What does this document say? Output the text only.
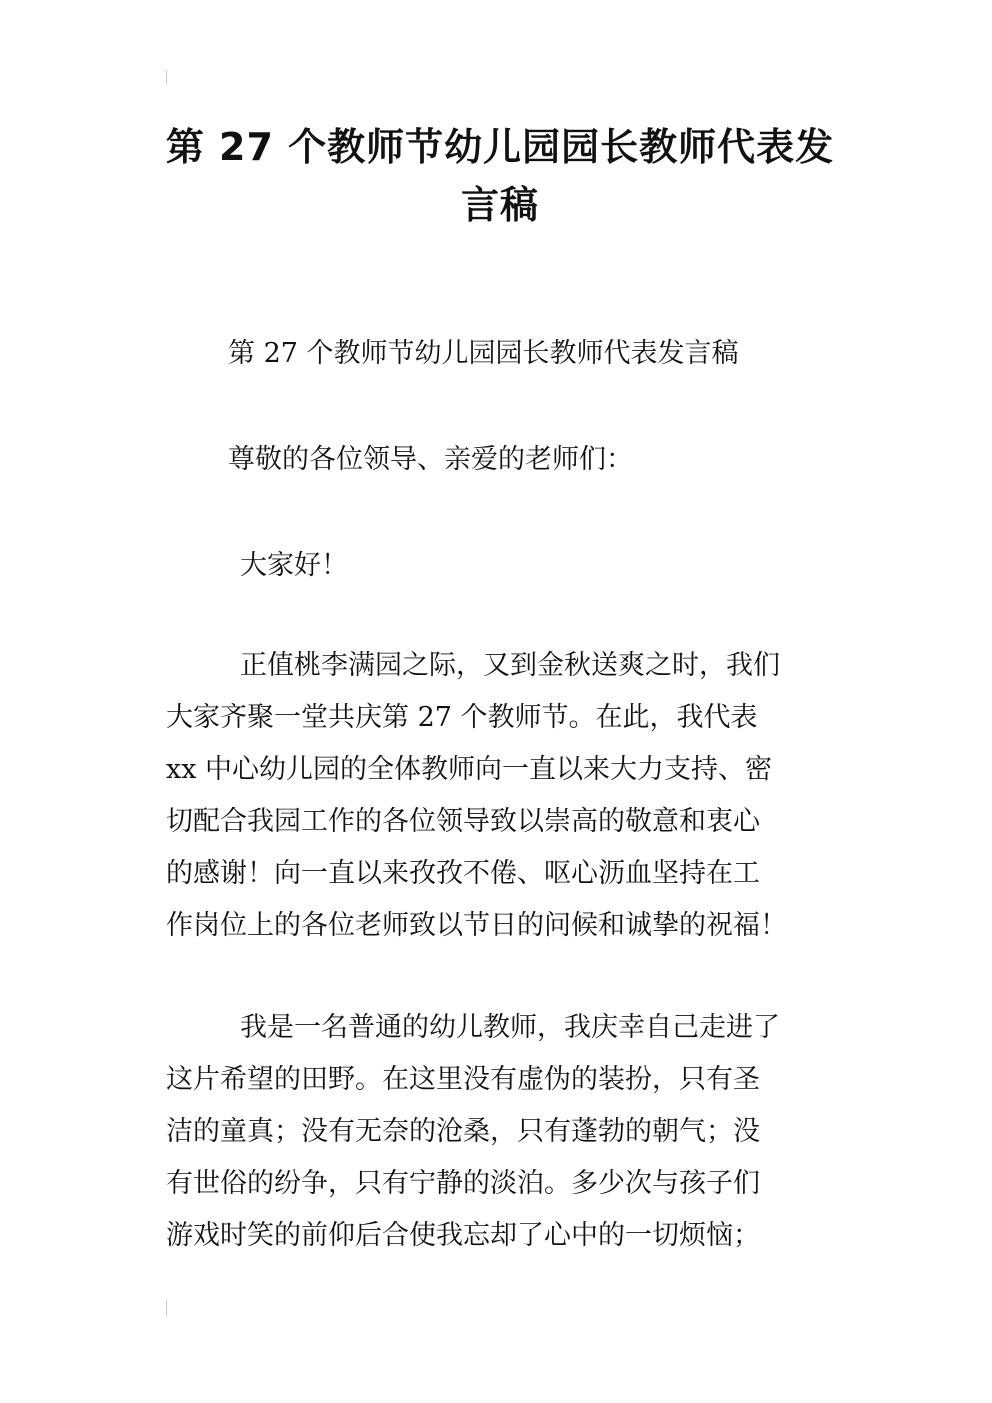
第 27 个教师节幼儿园园长教师代表发
言稿

第 27 个教师节幼儿园园长教师代表发言稿

尊敬的各位领导、亲爱的老师们：

大家好！

正值桃李满园之际，又到金秋送爽之时，我们
大家齐聚一堂共庆第 27 个教师节。在此，我代表
xx 中心幼儿园的全体教师向一直以来大力支持、密
切配合我园工作的各位领导致以崇高的敬意和衷心
的感谢！向一直以来孜孜不倦、呕心沥血坚持在工
作岗位上的各位老师致以节日的问候和诚挚的祝福！

我是一名普通的幼儿教师，我庆幸自己走进了
这片希望的田野。在这里没有虚伪的装扮，只有圣
洁的童真；没有无奈的沧桑，只有蓬勃的朝气；没
有世俗的纷争，只有宁静的淡泊。多少次与孩子们
游戏时笑的前仰后合使我忘却了心中的一切烦恼；
